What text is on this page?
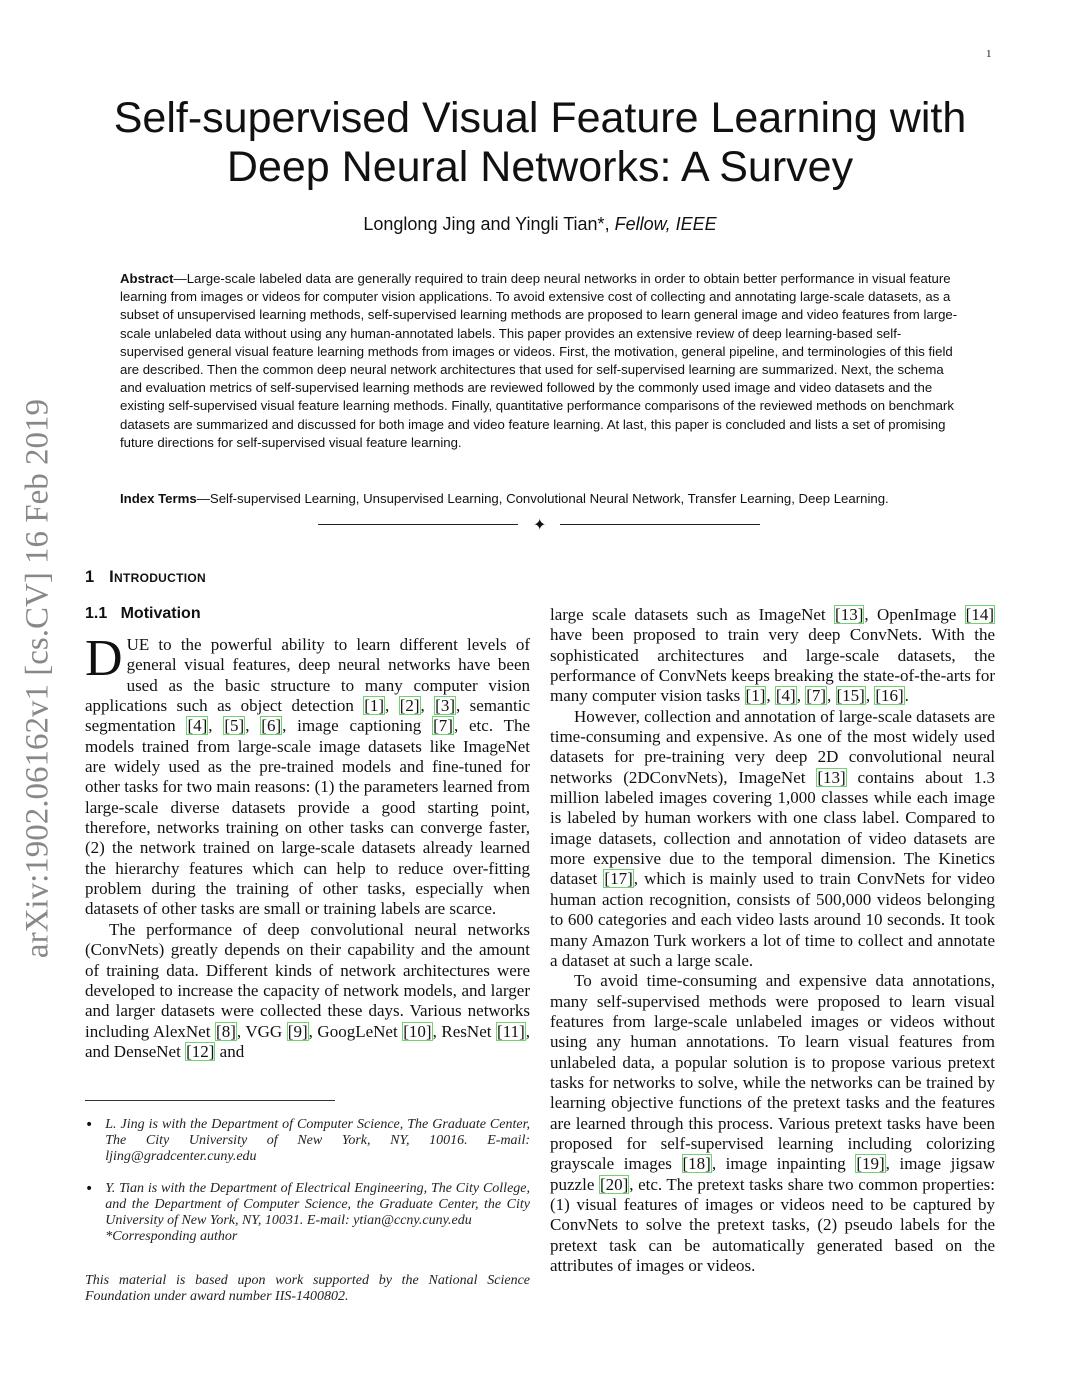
1
arXiv:1902.06162v1 [cs.CV] 16 Feb 2019
Self-supervised Visual Feature Learning with Deep Neural Networks: A Survey
Longlong Jing and Yingli Tian*, Fellow, IEEE
Abstract—Large-scale labeled data are generally required to train deep neural networks in order to obtain better performance in visual feature learning from images or videos for computer vision applications. To avoid extensive cost of collecting and annotating large-scale datasets, as a subset of unsupervised learning methods, self-supervised learning methods are proposed to learn general image and video features from large-scale unlabeled data without using any human-annotated labels. This paper provides an extensive review of deep learning-based self-supervised general visual feature learning methods from images or videos. First, the motivation, general pipeline, and terminologies of this field are described. Then the common deep neural network architectures that used for self-supervised learning are summarized. Next, the schema and evaluation metrics of self-supervised learning methods are reviewed followed by the commonly used image and video datasets and the existing self-supervised visual feature learning methods. Finally, quantitative performance comparisons of the reviewed methods on benchmark datasets are summarized and discussed for both image and video feature learning. At last, this paper is concluded and lists a set of promising future directions for self-supervised visual feature learning.
Index Terms—Self-supervised Learning, Unsupervised Learning, Convolutional Neural Network, Transfer Learning, Deep Learning.
✦
1 Introduction
1.1 Motivation

DUE to the powerful ability to learn different levels of general visual features, deep neural networks have been used as the basic structure to many computer vision applications such as object detection [1], [2], [3], semantic segmentation [4], [5], [6], image captioning [7], etc. The models trained from large-scale image datasets like ImageNet are widely used as the pre-trained models and fine-tuned for other tasks for two main reasons: (1) the parameters learned from large-scale diverse datasets provide a good starting point, therefore, networks training on other tasks can converge faster, (2) the network trained on large-scale datasets already learned the hierarchy features which can help to reduce over-fitting problem during the training of other tasks, especially when datasets of other tasks are small or training labels are scarce.

The performance of deep convolutional neural networks (ConvNets) greatly depends on their capability and the amount of training data. Different kinds of network architectures were developed to increase the capacity of network models, and larger and larger datasets were collected these days. Various networks including AlexNet [8], VGG [9], GoogLeNet [10], ResNet [11], and DenseNet [12] and

• L. Jing is with the Department of Computer Science, The Graduate Center, The City University of New York, NY, 10016. E-mail: ljing@gradcenter.cuny.edu
• Y. Tian is with the Department of Electrical Engineering, The City College, and the Department of Computer Science, the Graduate Center, the City University of New York, NY, 10031. E-mail: ytian@ccny.cuny.edu
*Corresponding author
This material is based upon work supported by the National Science Foundation under award number IIS-1400802.

large scale datasets such as ImageNet [13], OpenImage [14] have been proposed to train very deep ConvNets. With the sophisticated architectures and large-scale datasets, the performance of ConvNets keeps breaking the state-of-the-arts for many computer vision tasks [1], [4], [7], [15], [16].

However, collection and annotation of large-scale datasets are time-consuming and expensive. As one of the most widely used datasets for pre-training very deep 2D convolutional neural networks (2DConvNets), ImageNet [13] contains about 1.3 million labeled images covering 1,000 classes while each image is labeled by human workers with one class label. Compared to image datasets, collection and annotation of video datasets are more expensive due to the temporal dimension. The Kinetics dataset [17], which is mainly used to train ConvNets for video human action recognition, consists of 500,000 videos belonging to 600 categories and each video lasts around 10 seconds. It took many Amazon Turk workers a lot of time to collect and annotate a dataset at such a large scale.

To avoid time-consuming and expensive data annotations, many self-supervised methods were proposed to learn visual features from large-scale unlabeled images or videos without using any human annotations. To learn visual features from unlabeled data, a popular solution is to propose various pretext tasks for networks to solve, while the networks can be trained by learning objective functions of the pretext tasks and the features are learned through this process. Various pretext tasks have been proposed for self-supervised learning including colorizing grayscale images [18], image inpainting [19], image jigsaw puzzle [20], etc. The pretext tasks share two common properties: (1) visual features of images or videos need to be captured by ConvNets to solve the pretext tasks, (2) pseudo labels for the pretext task can be automatically generated based on the attributes of images or videos.
